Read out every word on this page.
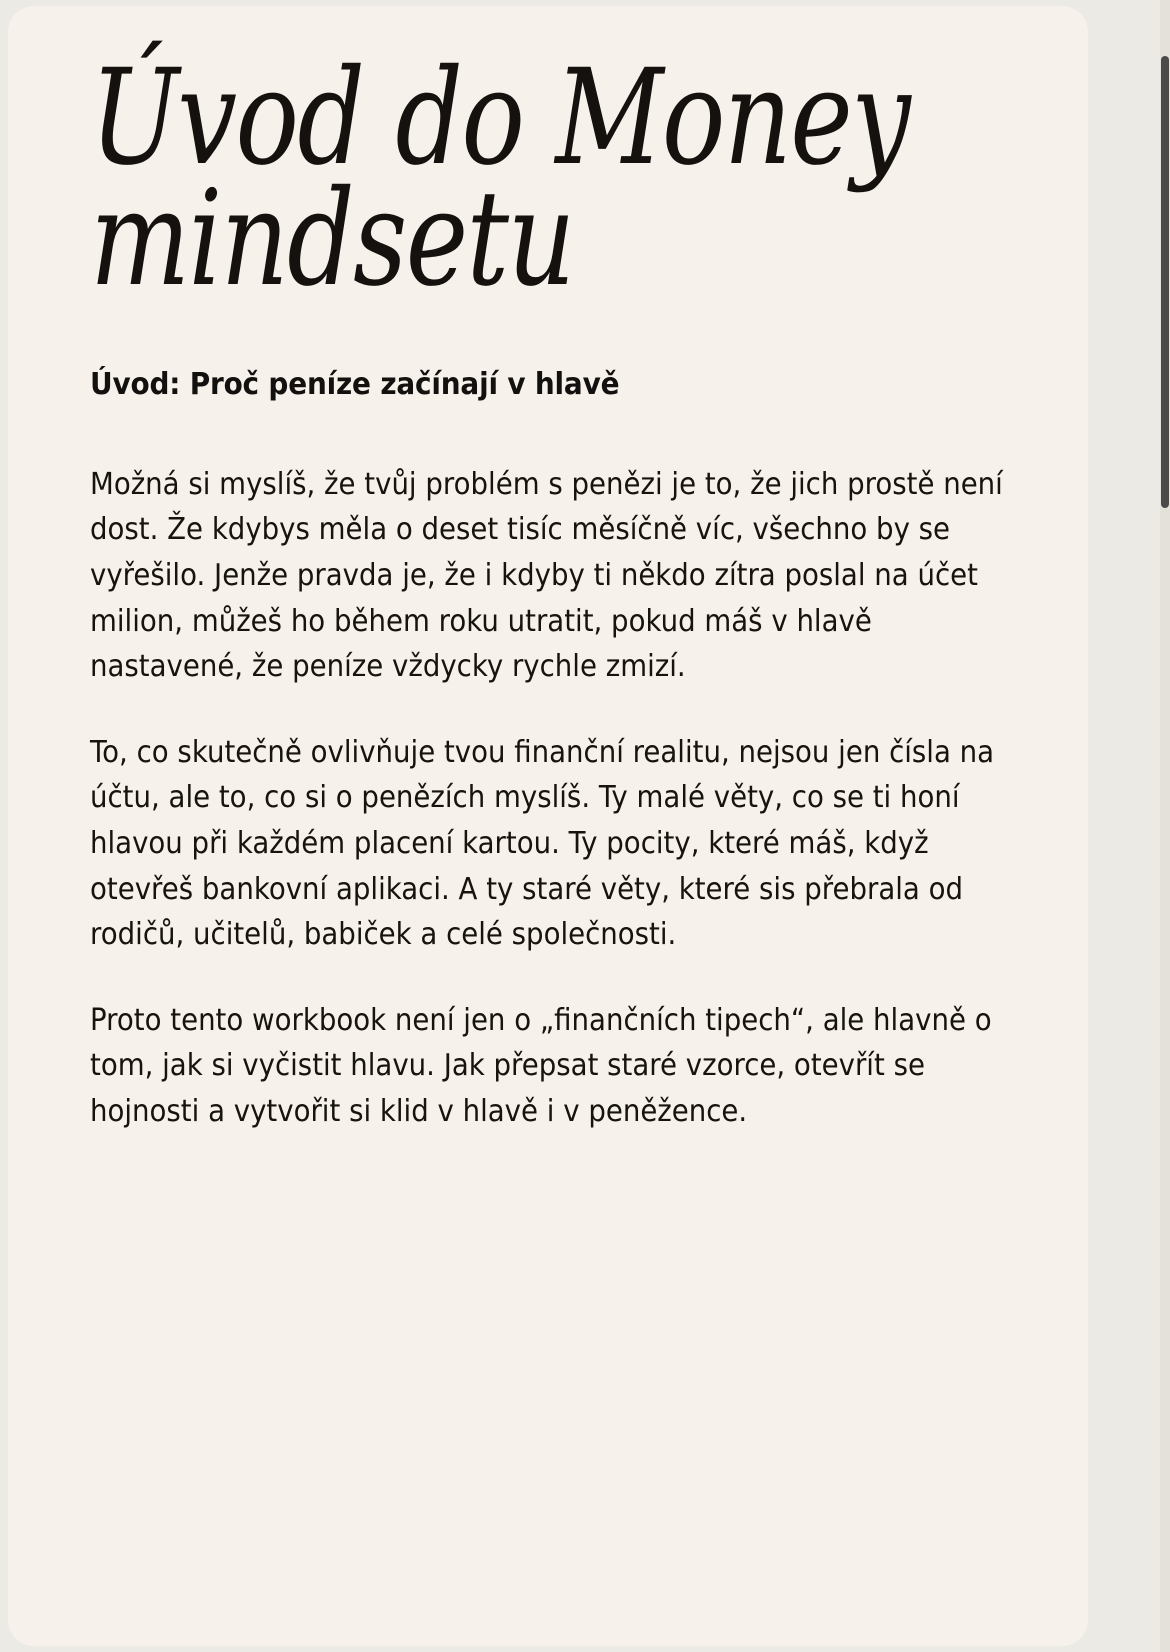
Úvod do Money mindsetu
Úvod: Proč peníze začínají v hlavě

Možná si myslíš, že tvůj problém s penězi je to, že jich prostě není dost. Že kdybys měla o deset tisíc měsíčně víc, všechno by se vyřešilo. Jenže pravda je, že i kdyby ti někdo zítra poslal na účet milion, můžeš ho během roku utratit, pokud máš v hlavě nastavené, že peníze vždycky rychle zmizí.

To, co skutečně ovlivňuje tvou finanční realitu, nejsou jen čísla na účtu, ale to, co si o penězích myslíš. Ty malé věty, co se ti honí hlavou při každém placení kartou. Ty pocity, které máš, když otevřeš bankovní aplikaci. A ty staré věty, které sis přebrala od rodičů, učitelů, babiček a celé společnosti.

Proto tento workbook není jen o „finančních tipech“, ale hlavně o tom, jak si vyčistit hlavu. Jak přepsat staré vzorce, otevřít se hojnosti a vytvořit si klid v hlavě i v peněžence.
